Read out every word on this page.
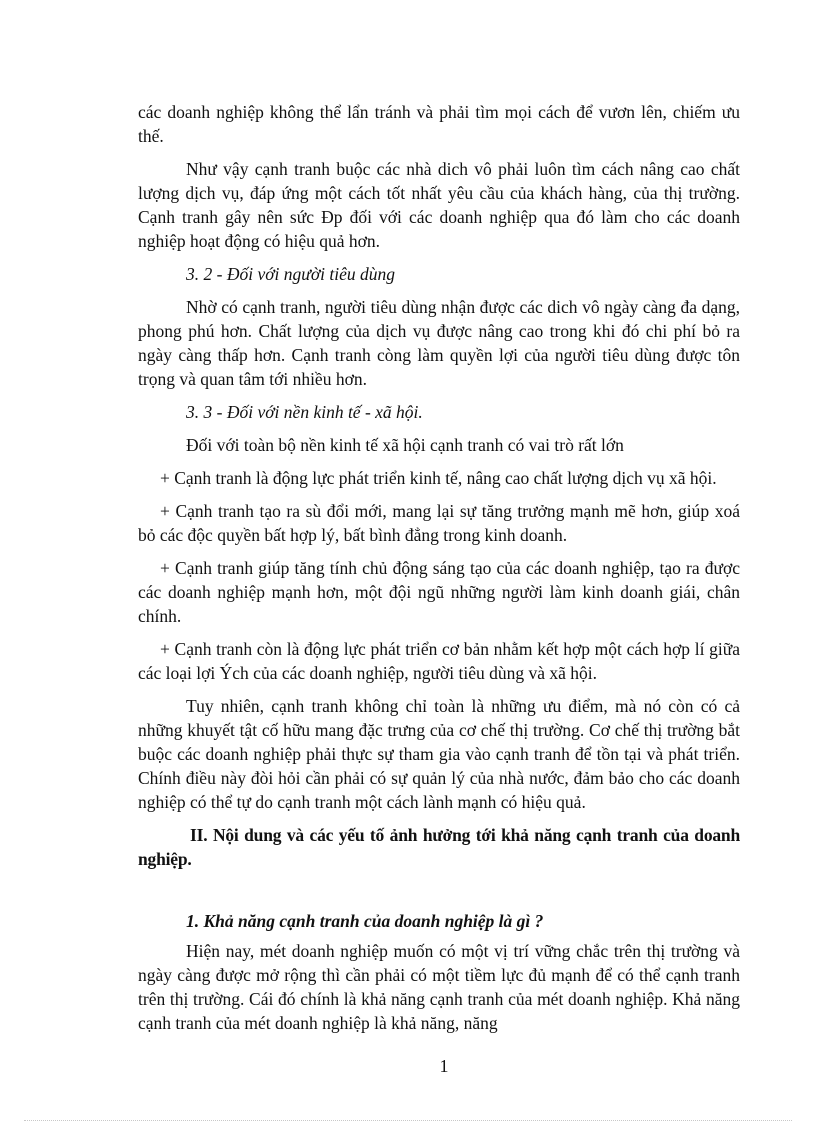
các doanh nghiệp không thể lẩn tránh và phải tìm mọi cách để vươn lên, chiếm ưu thế.

Như vậy cạnh tranh buộc các nhà dich vô phải luôn tìm cách nâng cao chất lượng dịch vụ, đáp ứng một cách tốt nhất yêu cầu của khách hàng, của thị trường. Cạnh tranh gây nên sức Ðp đối với các doanh nghiệp qua đó làm cho các doanh nghiệp hoạt động có hiệu quả hơn.

3. 2 - Đối với người tiêu dùng

Nhờ có cạnh tranh, người tiêu dùng nhận được các dich vô ngày càng đa dạng, phong phú hơn. Chất lượng của dịch vụ được nâng cao trong khi đó chi phí bỏ ra ngày càng thấp hơn. Cạnh tranh còng làm quyền lợi của người tiêu dùng được tôn trọng và quan tâm tới nhiều hơn.

3. 3 - Đối với nền kinh tế - xã hội.

Đối với toàn bộ nền kinh tế xã hội cạnh tranh có vai trò rất lớn

+ Cạnh tranh là động lực phát triển kinh tế, nâng cao chất lượng dịch vụ xã hội.

+ Cạnh tranh tạo ra sù đổi mới, mang lại sự tăng trưởng mạnh mẽ hơn, giúp xoá bỏ các độc quyền bất hợp lý, bất bình đẳng trong kinh doanh.

+ Cạnh tranh giúp tăng tính chủ động sáng tạo của các doanh nghiệp, tạo ra được các doanh nghiệp mạnh hơn, một đội ngũ những người làm kinh doanh giái, chân chính.

+ Cạnh tranh còn là động lực phát triển cơ bản nhằm kết hợp một cách hợp lí giữa các loại lợi Ých của các doanh nghiệp, người tiêu dùng và xã hội.

Tuy nhiên, cạnh tranh không chỉ toàn là những ưu điểm, mà nó còn có cả những khuyết tật cố hữu mang đặc trưng của cơ chế thị trường. Cơ chế thị trường bắt buộc các doanh nghiệp phải thực sự tham gia vào cạnh tranh để tồn tại và phát triển. Chính điều này đòi hỏi cần phải có sự quản lý của nhà nước, đảm bảo cho các doanh nghiệp có thể tự do cạnh tranh một cách lành mạnh có hiệu quả.

II. Nội dung và các yếu tố ảnh hưởng tới khả năng cạnh tranh của doanh nghiệp.

1. Khả năng cạnh tranh của doanh nghiệp là gì ?

Hiện nay, mét doanh nghiệp muốn có một vị trí vững chắc trên thị trường và ngày càng được mở rộng thì cần phải có một tiềm lực đủ mạnh để có thể cạnh tranh trên thị trường. Cái đó chính là khả năng cạnh tranh của mét doanh nghiệp. Khả năng cạnh tranh của mét doanh nghiệp là khả năng, năng

1
